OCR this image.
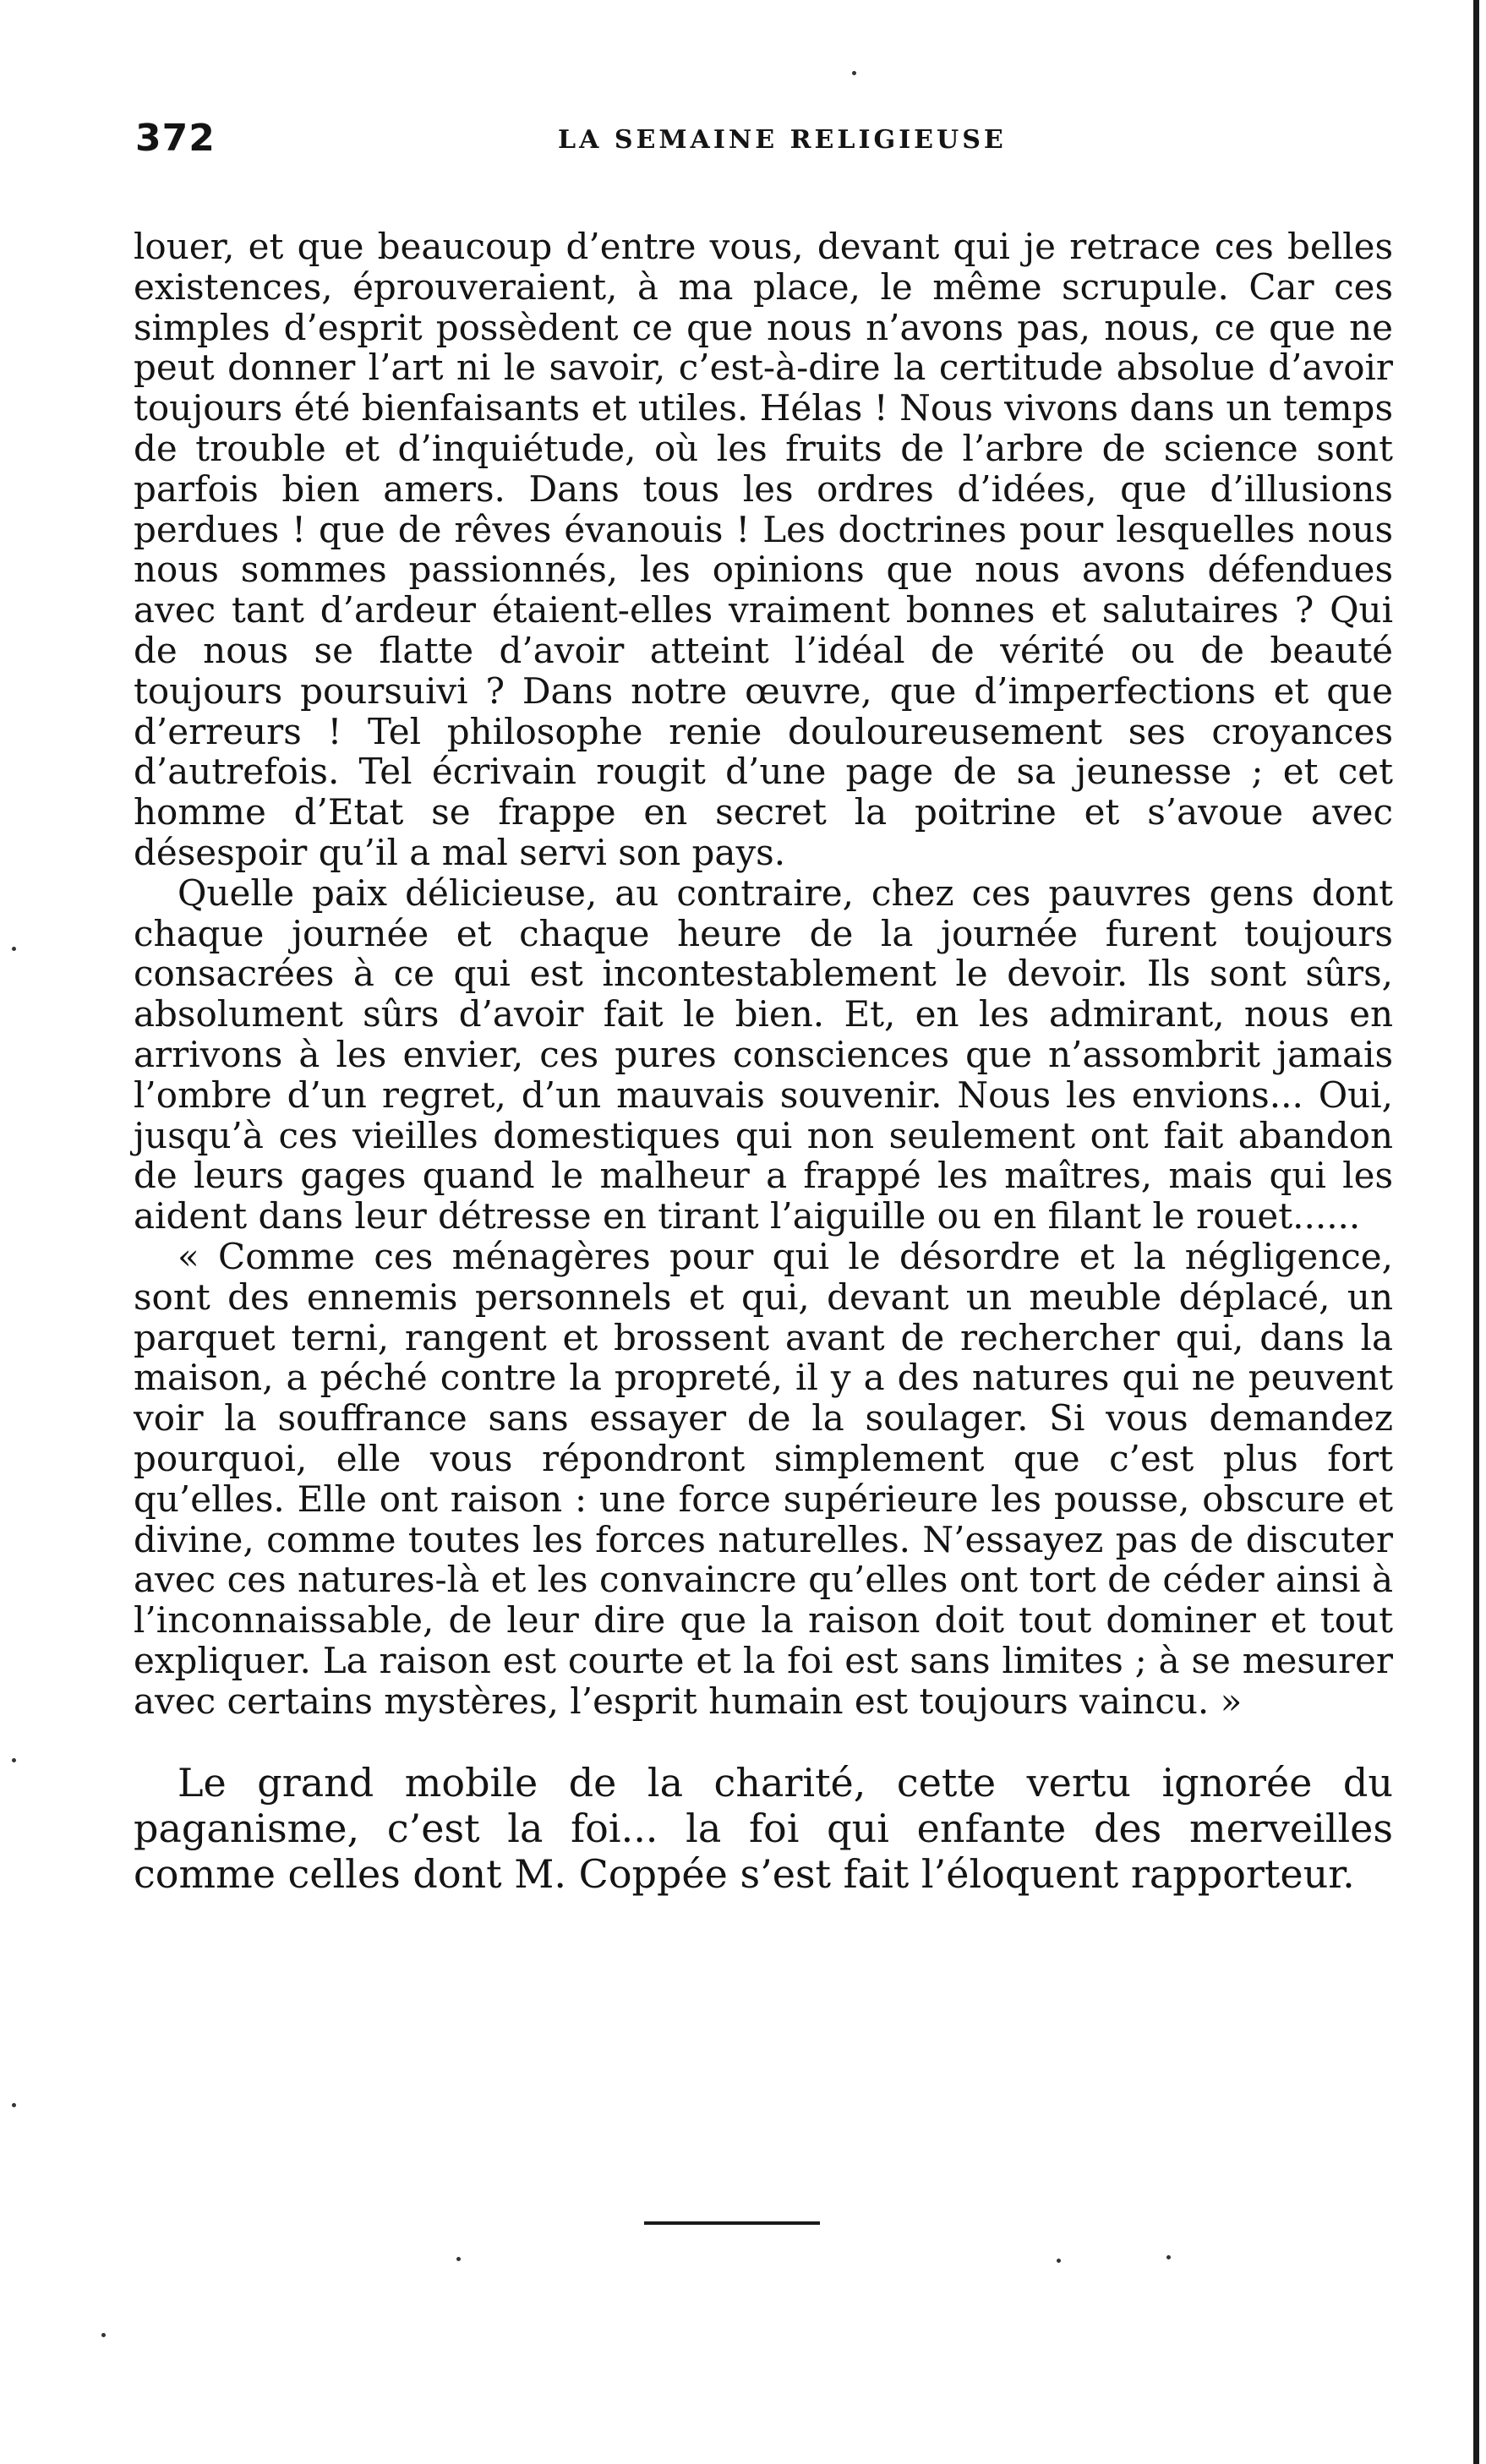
372	LA SEMAINE RELIGIEUSE

louer, et que beaucoup d’entre vous, devant qui je retrace ces belles existences, éprouveraient, à ma place, le même scrupule. Car ces simples d’esprit possèdent ce que nous n’avons pas, nous, ce que ne peut donner l’art ni le savoir, c’est-à-dire la certitude absolue d’avoir toujours été bienfaisants et utiles. Hélas ! Nous vivons dans un temps de trouble et d’inquiétude, où les fruits de l’arbre de science sont parfois bien amers. Dans tous les ordres d’idées, que d’illusions perdues ! que de rêves évanouis ! Les doctrines pour lesquelles nous nous sommes passionnés, les opinions que nous avons défendues avec tant d’ardeur étaient-elles vraiment bonnes et salutaires ? Qui de nous se flatte d’avoir atteint l’idéal de vérité ou de beauté toujours poursuivi ? Dans notre œuvre, que d’imperfections et que d’erreurs ! Tel philosophe renie douloureusement ses croyances d’autrefois. Tel écrivain rougit d’une page de sa jeunesse ; et cet homme d’Etat se frappe en secret la poitrine et s’avoue avec désespoir qu’il a mal servi son pays.

Quelle paix délicieuse, au contraire, chez ces pauvres gens dont chaque journée et chaque heure de la journée furent toujours consacrées à ce qui est incontestablement le devoir. Ils sont sûrs, absolument sûrs d’avoir fait le bien. Et, en les admirant, nous en arrivons à les envier, ces pures consciences que n’assombrit jamais l’ombre d’un regret, d’un mauvais souvenir. Nous les envions... Oui, jusqu’à ces vieilles domestiques qui non seulement ont fait abandon de leurs gages quand le malheur a frappé les maîtres, mais qui les aident dans leur détresse en tirant l’aiguille ou en filant le rouet......

« Comme ces ménagères pour qui le désordre et la négligence, sont des ennemis personnels et qui, devant un meuble déplacé, un parquet terni, rangent et brossent avant de rechercher qui, dans la maison, a péché contre la propreté, il y a des natures qui ne peuvent voir la souffrance sans essayer de la soulager. Si vous demandez pourquoi, elle vous répondront simplement que c’est plus fort qu’elles. Elle ont raison : une force supérieure les pousse, obscure et divine, comme toutes les forces naturelles. N’essayez pas de discuter avec ces natures-là et les convaincre qu’elles ont tort de céder ainsi à l’inconnaissable, de leur dire que la raison doit tout dominer et tout expliquer. La raison est courte et la foi est sans limites ; à se mesurer avec certains mystères, l’esprit humain est toujours vaincu. »

Le grand mobile de la charité, cette vertu ignorée du paganisme, c’est la foi... la foi qui enfante des merveilles comme celles dont M. Coppée s’est fait l’éloquent rapporteur.
